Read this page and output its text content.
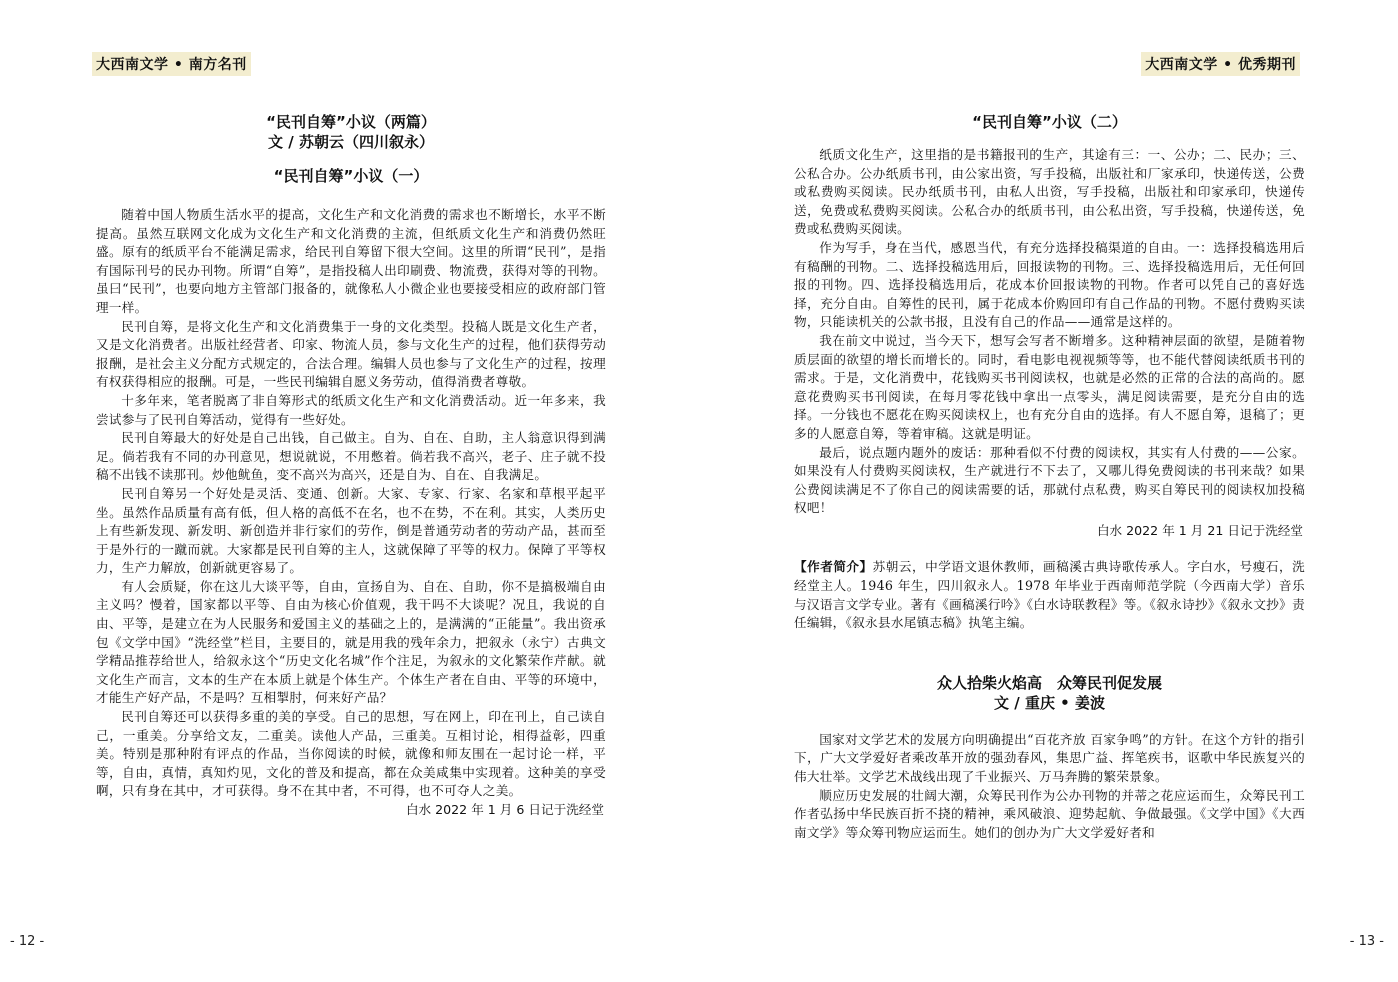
大西南文学 • 南方名刊
“民刊自筹”小议（两篇）
文 / 苏朝云（四川叙永）
“民刊自筹”小议（一）

随着中国人物质生活水平的提高，文化生产和文化消费的需求也不断增长，水平不断提高。虽然互联网文化成为文化生产和文化消费的主流，但纸质文化生产和消费仍然旺盛。原有的纸质平台不能满足需求，给民刊自筹留下很大空间。这里的所谓“民刊”，是指有国际刊号的民办刊物。所谓“自筹”，是指投稿人出印刷费、物流费，获得对等的刊物。虽曰“民刊”，也要向地方主管部门报备的，就像私人小微企业也要接受相应的政府部门管理一样。

民刊自筹，是将文化生产和文化消费集于一身的文化类型。投稿人既是文化生产者，又是文化消费者。出版社经营者、印家、物流人员，参与文化生产的过程，他们获得劳动报酬，是社会主义分配方式规定的，合法合理。编辑人员也参与了文化生产的过程，按理有权获得相应的报酬。可是，一些民刊编辑自愿义务劳动，值得消费者尊敬。

十多年来，笔者脱离了非自筹形式的纸质文化生产和文化消费活动。近一年多来，我尝试参与了民刊自筹活动，觉得有一些好处。

民刊自筹最大的好处是自己出钱，自己做主。自为、自在、自助，主人翁意识得到满足。倘若我有不同的办刊意见，想说就说，不用憋着。倘若我不高兴，老子、庄子就不投稿不出钱不读那刊。炒他鱿鱼，变不高兴为高兴，还是自为、自在、自我满足。

民刊自筹另一个好处是灵活、变通、创新。大家、专家、行家、名家和草根平起平坐。虽然作品质量有高有低，但人格的高低不在名，也不在势，不在利。其实，人类历史上有些新发现、新发明、新创造并非行家们的劳作，倒是普通劳动者的劳动产品，甚而至于是外行的一蹴而就。大家都是民刊自筹的主人，这就保障了平等的权力。保障了平等权力，生产力解放，创新就更容易了。

有人会质疑，你在这儿大谈平等，自由，宣扬自为、自在、自助，你不是搞极端自由主义吗？慢着，国家都以平等、自由为核心价值观，我干吗不大谈呢？况且，我说的自由、平等，是建立在为人民服务和爱国主义的基础之上的，是满满的“正能量”。我出资承包《文学中国》“洗经堂”栏目，主要目的，就是用我的残年余力，把叙永（永宁）古典文学精品推荐给世人，给叙永这个“历史文化名城”作个注足，为叙永的文化繁荣作芹献。就文化生产而言，文本的生产在本质上就是个体生产。个体生产者在自由、平等的环境中，才能生产好产品，不是吗？互相掣肘，何来好产品？

民刊自筹还可以获得多重的美的享受。自己的思想，写在网上，印在刊上，自己读自己，一重美。分享给文友，二重美。读他人产品，三重美。互相讨论，相得益彰，四重美。特别是那种附有评点的作品，当你阅读的时候，就像和师友围在一起讨论一样，平等，自由，真情，真知灼见，文化的普及和提高，都在众美咸集中实现着。这种美的享受啊，只有身在其中，才可获得。身不在其中者，不可得，也不可夺人之美。

白水 2022 年 1 月 6 日记于洗经堂

- 12 -
大西南文学 • 优秀期刊
“民刊自筹”小议（二）

纸质文化生产，这里指的是书籍报刊的生产，其途有三：一、公办；二、民办；三、公私合办。公办纸质书刊，由公家出资，写手投稿，出版社和厂家承印，快递传送，公费或私费购买阅读。民办纸质书刊，由私人出资，写手投稿，出版社和印家承印，快递传送，免费或私费购买阅读。公私合办的纸质书刊，由公私出资，写手投稿，快递传送，免费或私费购买阅读。

作为写手，身在当代，感恩当代，有充分选择投稿渠道的自由。一：选择投稿选用后有稿酬的刊物。二、选择投稿选用后，回报读物的刊物。三、选择投稿选用后，无任何回报的刊物。四、选择投稿选用后，花成本价回报读物的刊物。作者可以凭自己的喜好选择，充分自由。自筹性的民刊，属于花成本价购回印有自己作品的刊物。不愿付费购买读物，只能读机关的公款书报，且没有自己的作品——通常是这样的。

我在前文中说过，当今天下，想写会写者不断增多。这种精神层面的欲望，是随着物质层面的欲望的增长而增长的。同时，看电影电视视频等等，也不能代替阅读纸质书刊的需求。于是，文化消费中，花钱购买书刊阅读权，也就是必然的正常的合法的高尚的。愿意花费购买书刊阅读，在每月零花钱中拿出一点零头，满足阅读需要，是充分自由的选择。一分钱也不愿花在购买阅读权上，也有充分自由的选择。有人不愿自筹，退稿了；更多的人愿意自筹，等着审稿。这就是明证。

最后，说点题内题外的废话：那种看似不付费的阅读权，其实有人付费的——公家。如果没有人付费购买阅读权，生产就进行不下去了，又哪儿得免费阅读的书刊来哉？如果公费阅读满足不了你自己的阅读需要的话，那就付点私费，购买自筹民刊的阅读权加投稿权吧！

白水 2022 年 1 月 21 日记于洗经堂

【作者简介】苏朝云，中学语文退休教师，画稿溪古典诗歌传承人。字白水，号瘦石，洗经堂主人。1946 年生，四川叙永人。1978 年毕业于西南师范学院（今西南大学）音乐与汉语言文学专业。著有《画稿溪行吟》《白水诗联教程》等。《叙永诗抄》《叙永文抄》责任编辑，《叙永县水尾镇志稿》执笔主编。

众人拾柴火焰高　众筹民刊促发展
文 / 重庆 • 姜波

国家对文学艺术的发展方向明确提出“百花齐放 百家争鸣”的方针。在这个方针的指引下，广大文学爱好者乘改革开放的强劲春风，集思广益、挥笔疾书，讴歌中华民族复兴的伟大壮举。文学艺术战线出现了千业振兴、万马奔腾的繁荣景象。

顺应历史发展的壮阔大潮，众筹民刊作为公办刊物的并蒂之花应运而生，众筹民刊工作者弘扬中华民族百折不挠的精神，乘风破浪、迎势起航、争做最强。《文学中国》《大西南文学》等众筹刊物应运而生。她们的创办为广大文学爱好者和

- 13 -
